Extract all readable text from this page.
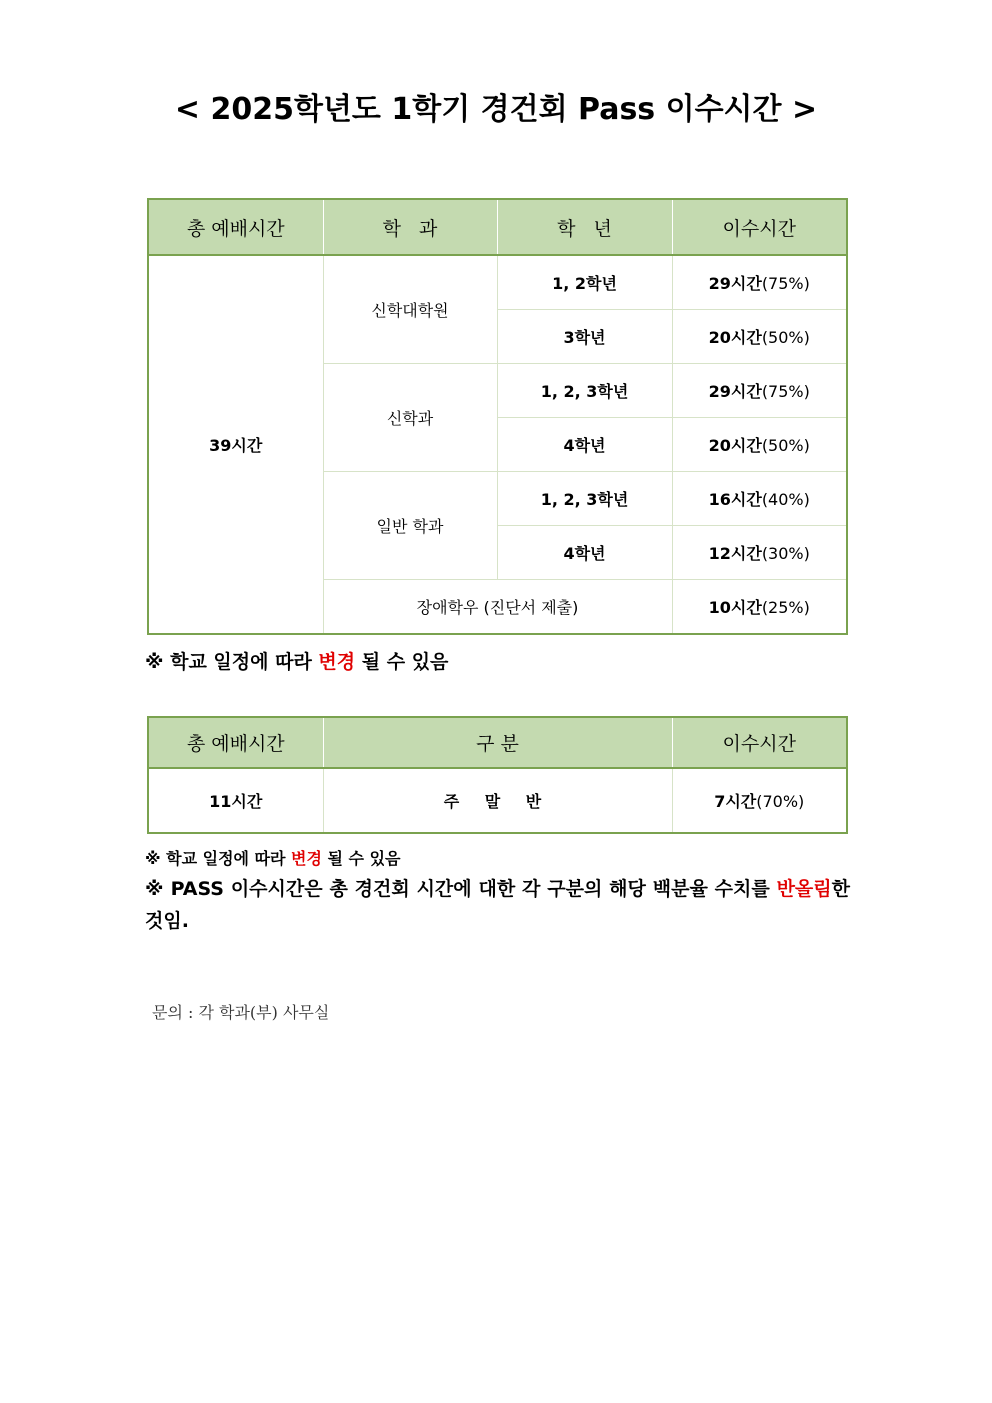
< 2025학년도 1학기 경건회 Pass 이수시간 >
총 예배시간	학   과	학   년	이수시간
39시간	신학대학원	1, 2학년	29시간(75%)
		3학년	20시간(50%)
	신학과	1, 2, 3학년	29시간(75%)
		4학년	20시간(50%)
	일반 학과	1, 2, 3학년	16시간(40%)
		4학년	12시간(30%)
	장애학우 (진단서 제출)		10시간(25%)
※ 학교 일정에 따라 변경 될 수 있음
총 예배시간	구 분	이수시간
11시간	주 말 반	7시간(70%)
※ 학교 일정에 따라 변경 될 수 있음
※ PASS 이수시간은 총 경건회 시간에 대한 각 구분의 해당 백분율 수치를 반올림한 것임.
문의 : 각 학과(부) 사무실
